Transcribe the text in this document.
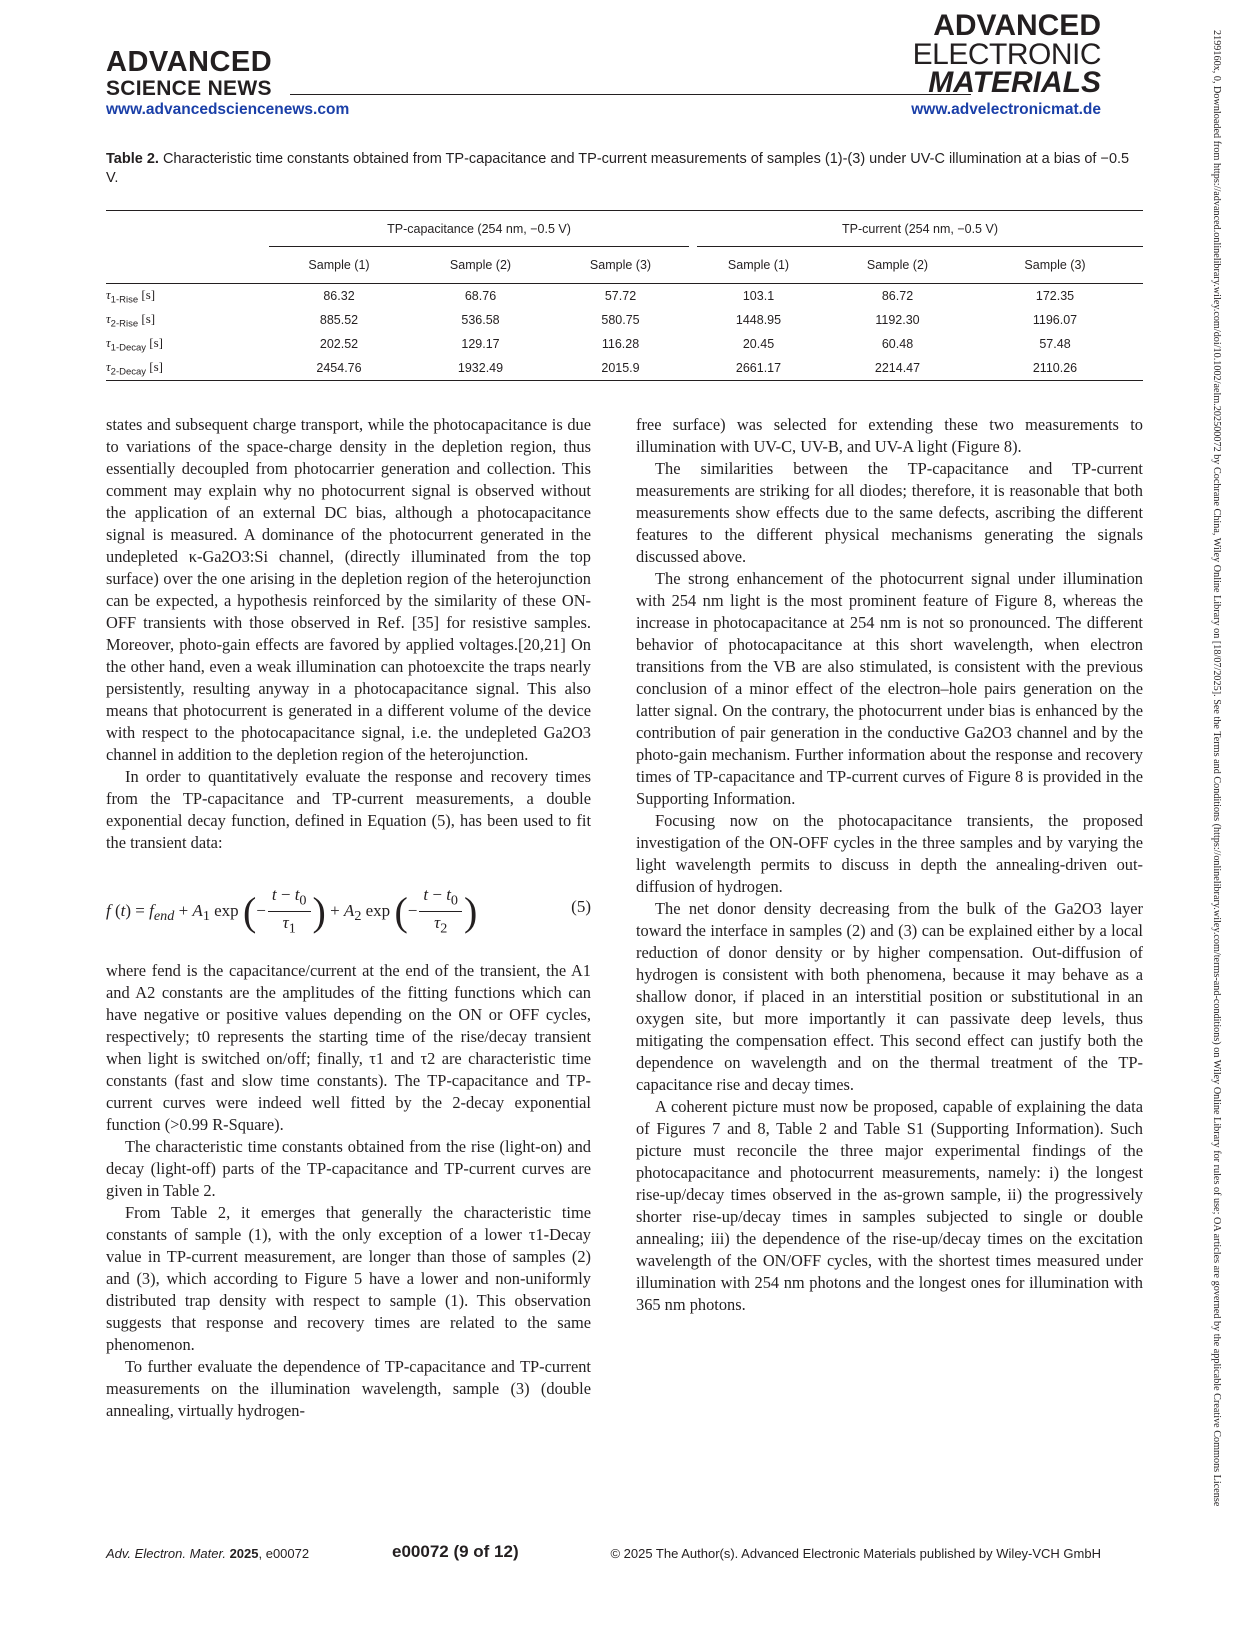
ADVANCED
SCIENCE NEWS
ADVANCED
ELECTRONIC
MATERIALS
www.advancedsciencenews.com	www.advelectronicmat.de	2199160x, 0, Downloaded from https://advanced.onlinelibrary.wiley.com/doi/10.1002/aelm.202500072 by Cochrane China, Wiley Online Library on [18/07/2025]. See the Terms and Conditions (https://onlinelibrary.wiley.com/terms-and-conditions) on Wiley Online Library for rules of use; OA articles are governed by the applicable Creative Commons License
Table 2. Characteristic time constants obtained from TP-capacitance and TP-current measurements of samples (1)-(3) under UV-C illumination at a bias of −0.5 V.
	TP-capacitance (254 nm, −0.5 V)			TP-current (254 nm, −0.5 V)		

	Sample (1)	Sample (2)	Sample (3)	Sample (1)	Sample (2)	Sample (3)
$\tau_{1-Rise}$ [s]	86.32	68.76	57.72	103.1	86.72	172.35
$\tau_{2-Rise}$ [s]	885.52	536.58	580.75	1448.95	1192.30	1196.07
$\tau_{1-Decay}$ [s]	202.52	129.17	116.28	20.45	60.48	57.48
$\tau_{2-Decay}$ [s]	2454.76	1932.49	2015.9	2661.17	2214.47	2110.26

states and subsequent charge transport, while the photocapacitance is due to variations of the space-charge density in the depletion region, thus essentially decoupled from photocarrier generation and collection. This comment may explain why no photocurrent signal is observed without the application of an external DC bias, although a photocapacitance signal is measured. A dominance of the photocurrent generated in the undepleted κ-Ga2O3:Si channel, (directly illuminated from the top surface) over the one arising in the depletion region of the heterojunction can be expected, a hypothesis reinforced by the similarity of these ON-OFF transients with those observed in Ref. [35] for resistive samples. Moreover, photo-gain effects are favored by applied voltages.[20,21] On the other hand, even a weak illumination can photoexcite the traps nearly persistently, resulting anyway in a photocapacitance signal. This also means that photocurrent is generated in a different volume of the device with respect to the photocapacitance signal, i.e. the undepleted Ga2O3 channel in addition to the depletion region of the heterojunction.

In order to quantitatively evaluate the response and recovery times from the TP-capacitance and TP-current measurements, a double exponential decay function, defined in Equation (5), has been used to fit the transient data:

f $(t) = f_{end} + A_1$ exp (− $\frac{t - t_0}{\tau_1}$ ) + $A_2$ exp (− $\frac{t - t_0}{\tau_2}$ )	(5)

where fend is the capacitance/current at the end of the transient, the A1 and A2 constants are the amplitudes of the fitting functions which can have negative or positive values depending on the ON or OFF cycles, respectively; t0 represents the starting time of the rise/decay transient when light is switched on/off; finally, τ1 and τ2 are characteristic time constants (fast and slow time constants). The TP-capacitance and TP-current curves were indeed well fitted by the 2-decay exponential function (>0.99 R-Square).

The characteristic time constants obtained from the rise (light-on) and decay (light-off) parts of the TP-capacitance and TP-current curves are given in Table 2.

From Table 2, it emerges that generally the characteristic time constants of sample (1), with the only exception of a lower τ1-Decay value in TP-current measurement, are longer than those of samples (2) and (3), which according to Figure 5 have a lower and non-uniformly distributed trap density with respect to sample (1). This observation suggests that response and recovery times are related to the same phenomenon.

To further evaluate the dependence of TP-capacitance and TP-current measurements on the illumination wavelength, sample (3) (double annealing, virtually hydrogen-

free surface) was selected for extending these two measurements to illumination with UV-C, UV-B, and UV-A light (Figure 8).

The similarities between the TP-capacitance and TP-current measurements are striking for all diodes; therefore, it is reasonable that both measurements show effects due to the same defects, ascribing the different features to the different physical mechanisms generating the signals discussed above.

The strong enhancement of the photocurrent signal under illumination with 254 nm light is the most prominent feature of Figure 8, whereas the increase in photocapacitance at 254 nm is not so pronounced. The different behavior of photocapacitance at this short wavelength, when electron transitions from the VB are also stimulated, is consistent with the previous conclusion of a minor effect of the electron–hole pairs generation on the latter signal. On the contrary, the photocurrent under bias is enhanced by the contribution of pair generation in the conductive Ga2O3 channel and by the photo-gain mechanism. Further information about the response and recovery times of TP-capacitance and TP-current curves of Figure 8 is provided in the Supporting Information.

Focusing now on the photocapacitance transients, the proposed investigation of the ON-OFF cycles in the three samples and by varying the light wavelength permits to discuss in depth the annealing-driven out-diffusion of hydrogen.

The net donor density decreasing from the bulk of the Ga2O3 layer toward the interface in samples (2) and (3) can be explained either by a local reduction of donor density or by higher compensation. Out-diffusion of hydrogen is consistent with both phenomena, because it may behave as a shallow donor, if placed in an interstitial position or substitutional in an oxygen site, but more importantly it can passivate deep levels, thus mitigating the compensation effect. This second effect can justify both the dependence on wavelength and on the thermal treatment of the TP-capacitance rise and decay times.

A coherent picture must now be proposed, capable of explaining the data of Figures 7 and 8, Table 2 and Table S1 (Supporting Information). Such picture must reconcile the three major experimental findings of the photocapacitance and photocurrent measurements, namely: i) the longest rise-up/decay times observed in the as-grown sample, ii) the progressively shorter rise-up/decay times in samples subjected to single or double annealing; iii) the dependence of the rise-up/decay times on the excitation wavelength of the ON/OFF cycles, with the shortest times measured under illumination with 254 nm photons and the longest ones for illumination with 365 nm photons.

Adv. Electron. Mater. 2025, e00072	e00072 (9 of 12)	© 2025 The Author(s). Advanced Electronic Materials published by Wiley-VCH GmbH
